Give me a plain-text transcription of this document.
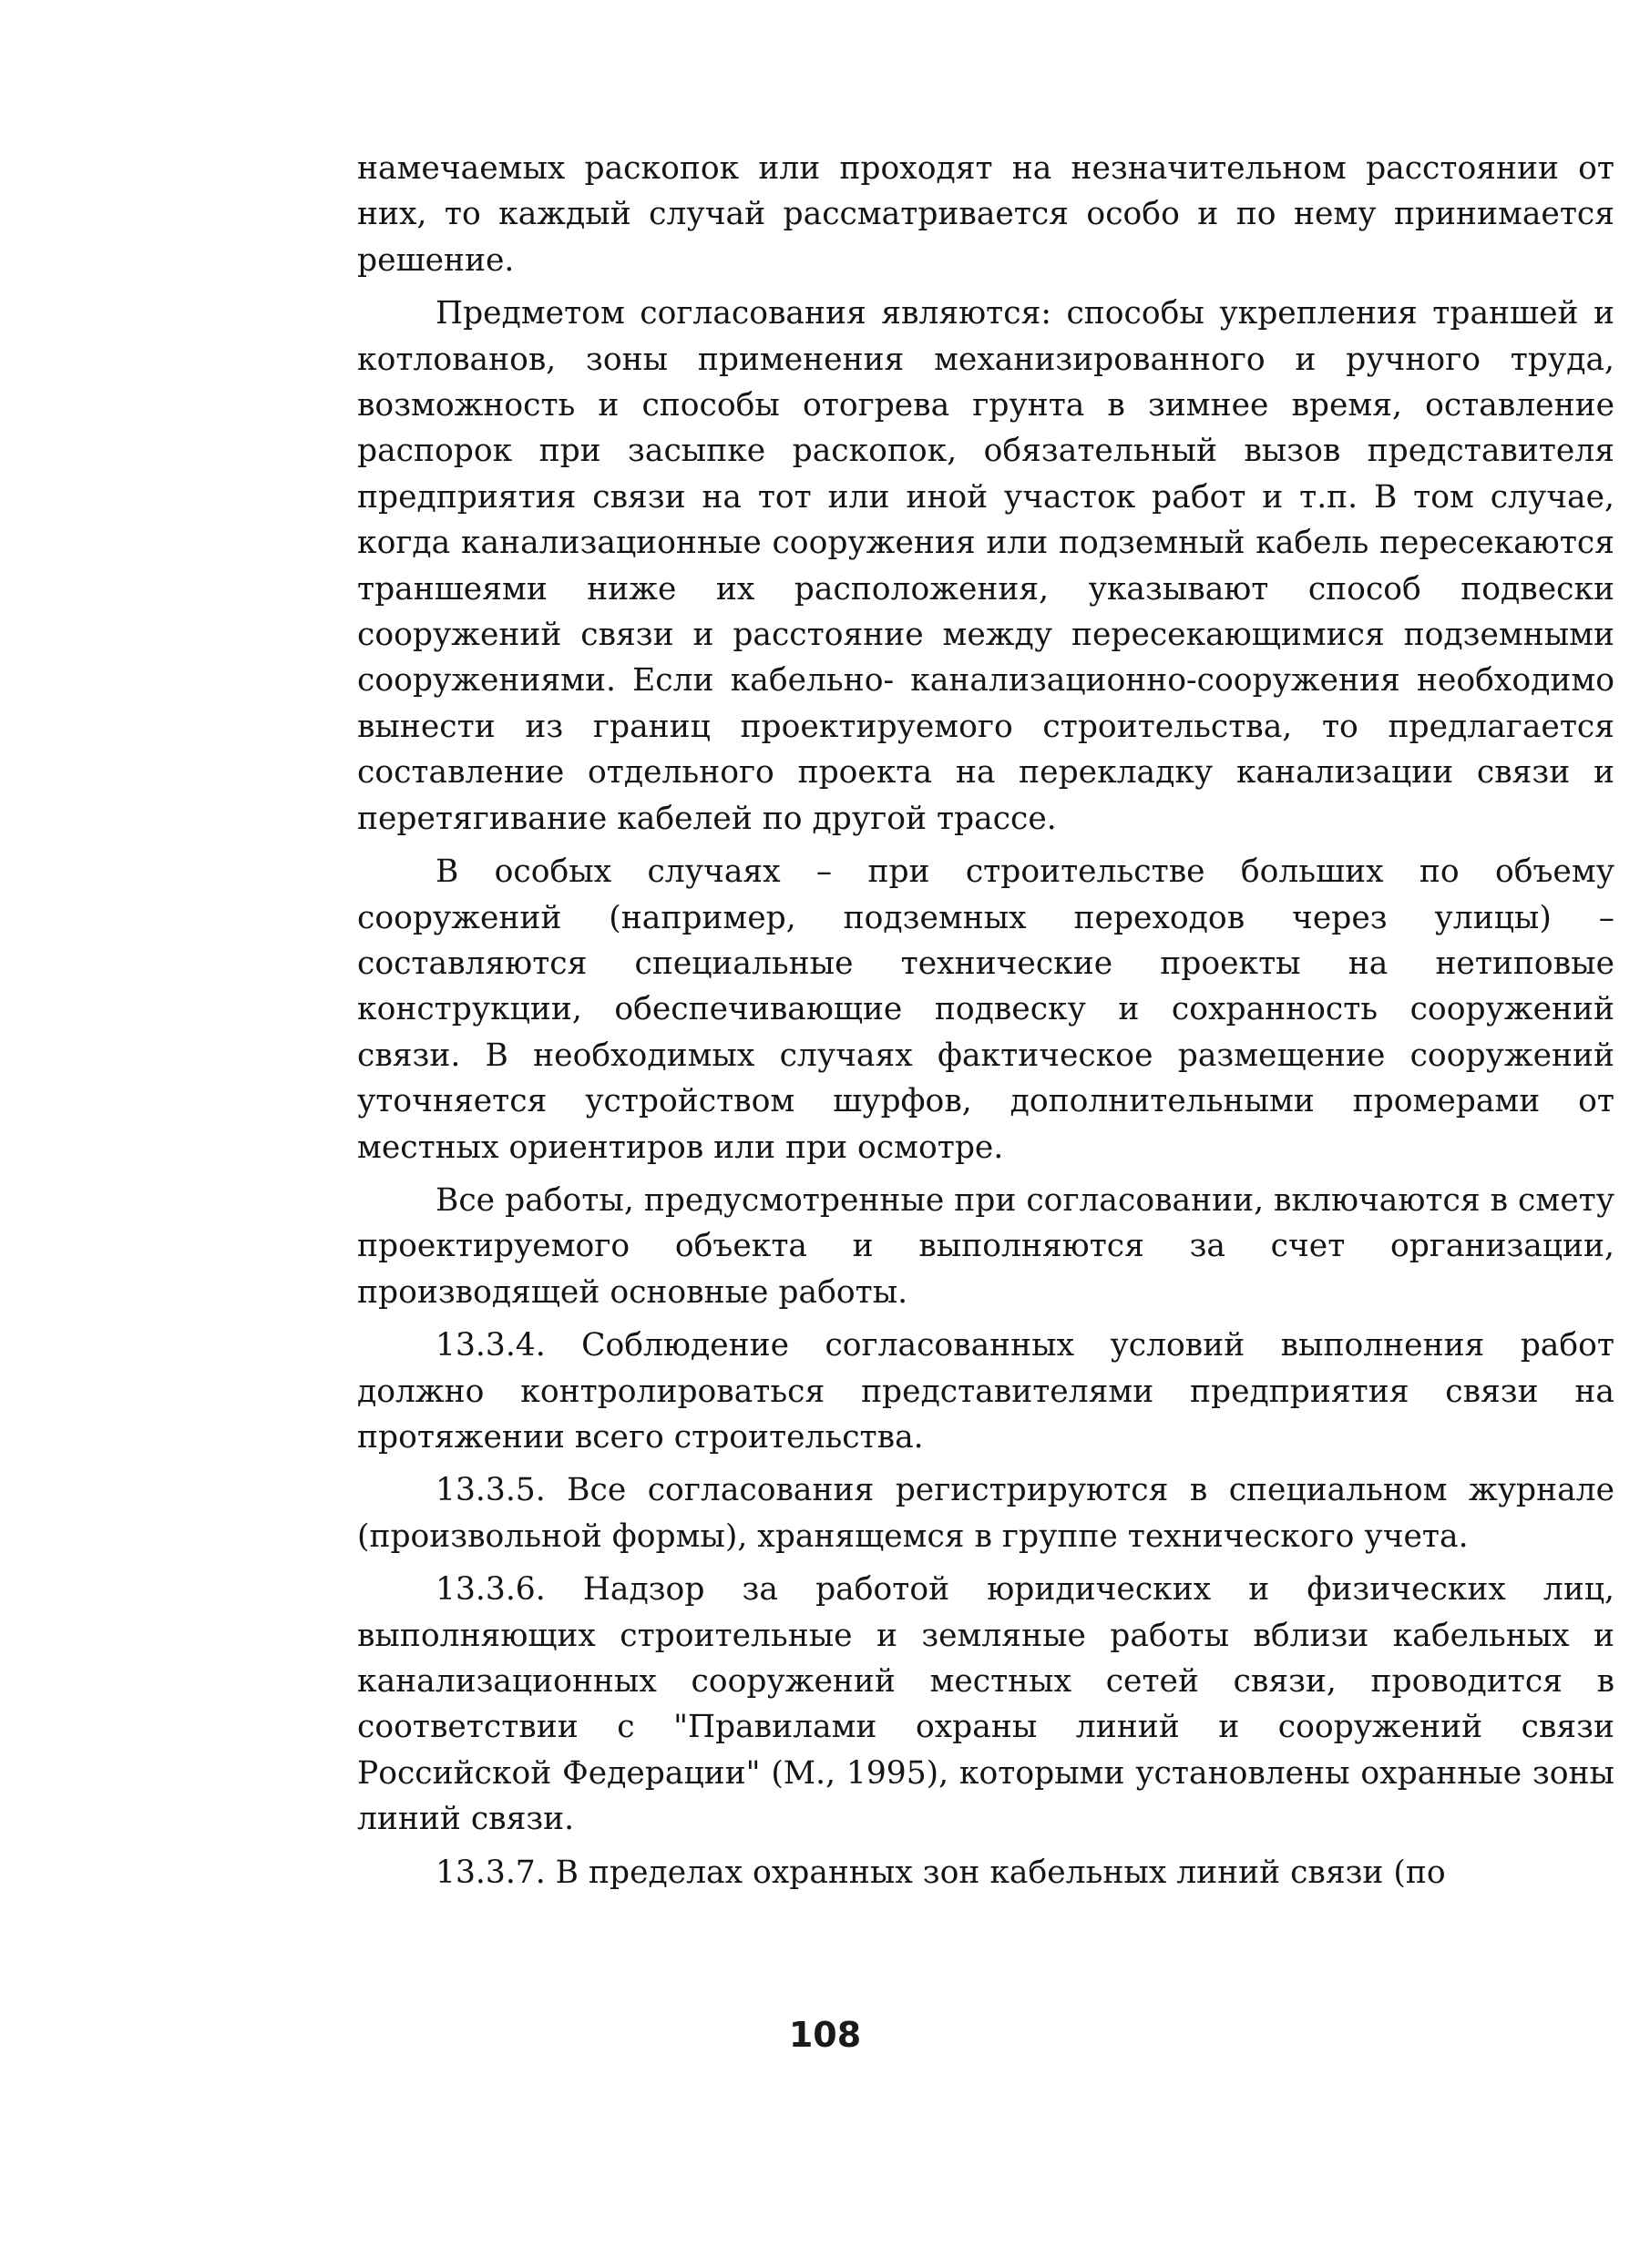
намечаемых раскопок или проходят на незначительном расстоянии от них, то каждый случай рассматривается особо и по нему принимается решение.

Предметом согласования являются: способы укрепления траншей и котлованов, зоны применения механизированного и ручного труда, возможность и способы отогрева грунта в зимнее время, оставление распорок при засыпке раскопок, обязательный вызов представителя предприятия связи на тот или иной участок работ и т.п. В том случае, когда канализационные сооружения или подземный кабель пересекаются траншеями ниже их расположения, указывают способ подвески сооружений связи и расстояние между пересекающимися подземными сооружениями. Если кабельно- канализационно-сооружения необходимо вынести из границ проектируемого строительства, то предлагается составление отдельного проекта на перекладку канализации связи и перетягивание кабелей по другой трассе.

В особых случаях – при строительстве больших по объему сооружений (например, подземных переходов через улицы) – составляются специальные технические проекты на нетиповые конструкции, обеспечивающие подвеску и сохранность сооружений связи. В необходимых случаях фактическое размещение сооружений уточняется устройством шурфов, дополнительными промерами от местных ориентиров или при осмотре.

Все работы, предусмотренные при согласовании, включаются в смету проектируемого объекта и выполняются за счет организации, производящей основные работы.

13.3.4. Соблюдение согласованных условий выполнения работ должно контролироваться представителями предприятия связи на протяжении всего строительства.

13.3.5. Все согласования регистрируются в специальном журнале (произвольной формы), хранящемся в группе технического учета.

13.3.6. Надзор за работой юридических и физических лиц, выполняющих строительные и земляные работы вблизи кабельных и канализационных сооружений местных сетей связи, проводится в соответствии с "Правилами охраны линий и сооружений связи Российской Федерации" (М., 1995), которыми установлены охранные зоны линий связи.

13.3.7. В пределах охранных зон кабельных линий связи (по

108
